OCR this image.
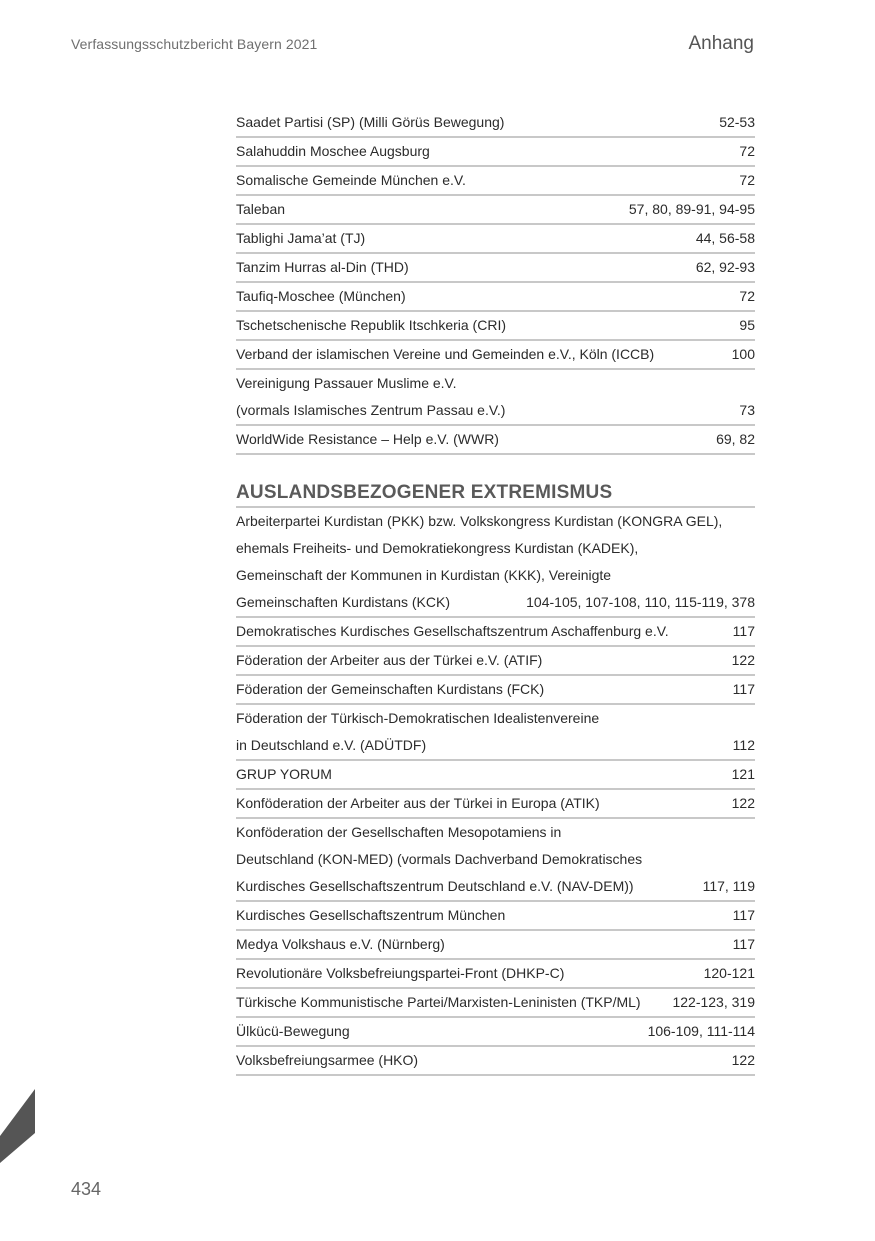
Verfassungsschutzbericht Bayern 2021	Anhang
Saadet Partisi (SP) (Milli Görüs Bewegung)	52-53
Salahuddin Moschee Augsburg	72
Somalische Gemeinde München e.V.	72
Taleban	57, 80, 89-91, 94-95
Tablighi Jama’at (TJ)	44, 56-58
Tanzim Hurras al-Din (THD)	62, 92-93
Taufiq-Moschee (München)	72
Tschetschenische Republik Itschkeria (CRI)	95
Verband der islamischen Vereine und Gemeinden e.V., Köln (ICCB)	100
Vereinigung Passauer Muslime e.V.
(vormals Islamisches Zentrum Passau e.V.)	73
WorldWide Resistance – Help e.V. (WWR)	69, 82
AUSLANDSBEZOGENER EXTREMISMUS
Arbeiterpartei Kurdistan (PKK) bzw. Volkskongress Kurdistan (KONGRA GEL),
ehemals Freiheits- und Demokratiekongress Kurdistan (KADEK),
Gemeinschaft der Kommunen in Kurdistan (KKK), Vereinigte
Gemeinschaften Kurdistans (KCK)	104-105, 107-108, 110, 115-119, 378
Demokratisches Kurdisches Gesellschaftszentrum Aschaffenburg e.V.	117
Föderation der Arbeiter aus der Türkei e.V. (ATIF)	122
Föderation der Gemeinschaften Kurdistans (FCK)	117
Föderation der Türkisch-Demokratischen Idealistenvereine
in Deutschland e.V. (ADÜTDF)	112
GRUP YORUM	121
Konföderation der Arbeiter aus der Türkei in Europa (ATIK)	122
Konföderation der Gesellschaften Mesopotamiens in
Deutschland (KON-MED) (vormals Dachverband Demokratisches
Kurdisches Gesellschaftszentrum Deutschland e.V. (NAV-DEM))	117, 119
Kurdisches Gesellschaftszentrum München	117
Medya Volkshaus e.V. (Nürnberg)	117
Revolutionäre Volksbefreiungspartei-Front (DHKP-C)	120-121
Türkische Kommunistische Partei/Marxisten-Leninisten (TKP/ML)	122-123, 319
Ülkücü-Bewegung	106-109, 111-114
Volksbefreiungsarmee (HKO)	122
434
